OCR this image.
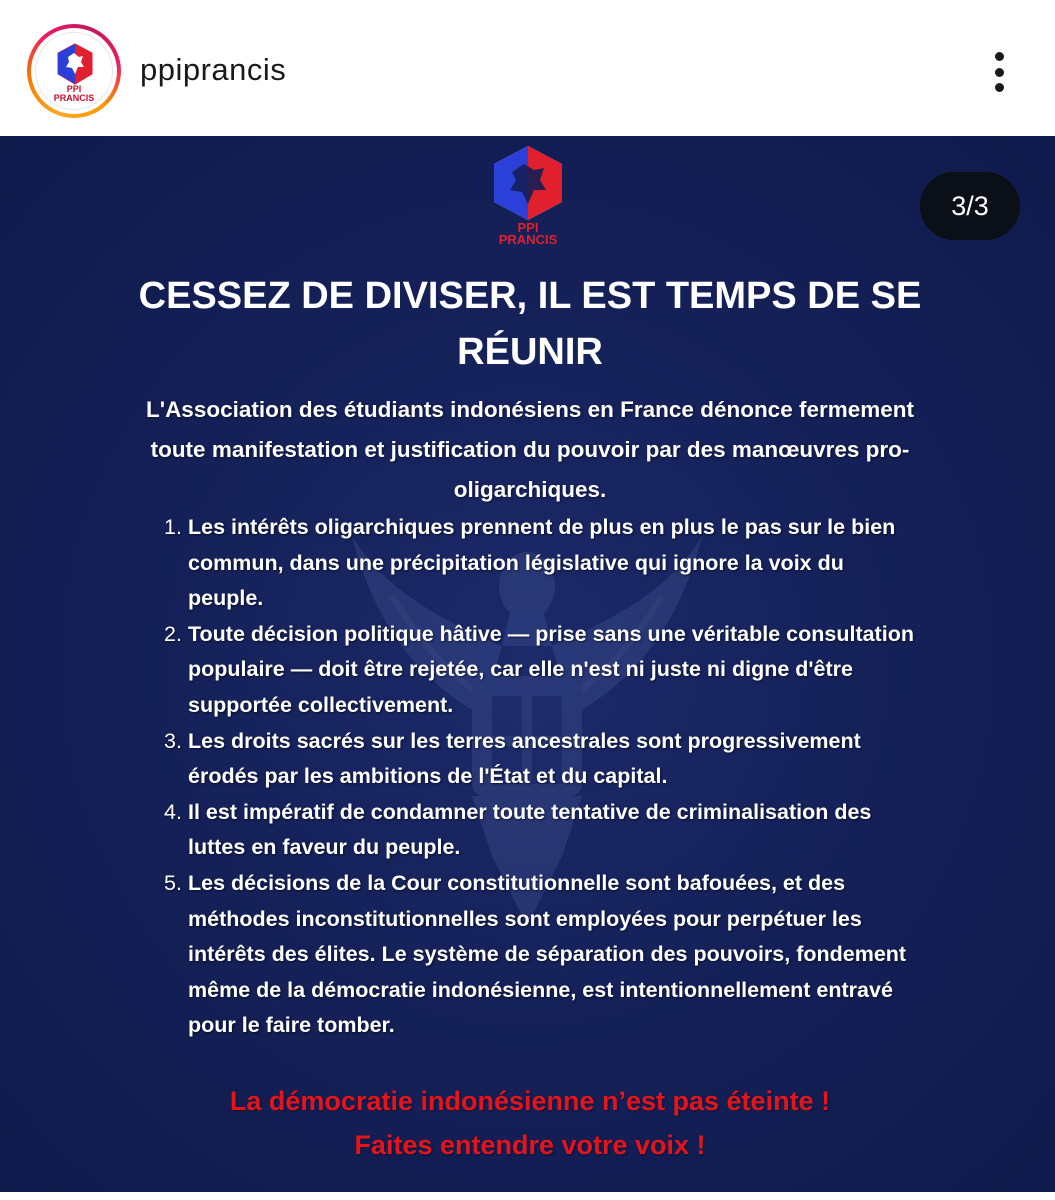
PPI
PRANCIS
ppiprancis
PPI
PRANCIS
3/3
CESSEZ DE DIVISER, IL EST TEMPS DE SE RÉUNIR
L'Association des étudiants indonésiens en France dénonce fermement toute manifestation et justification du pouvoir par des manœuvres pro-oligarchiques.
1. Les intérêts oligarchiques prennent de plus en plus le pas sur le bien commun, dans une précipitation législative qui ignore la voix du peuple.
2. Toute décision politique hâtive — prise sans une véritable consultation populaire — doit être rejetée, car elle n'est ni juste ni digne d'être supportée collectivement.
3. Les droits sacrés sur les terres ancestrales sont progressivement érodés par les ambitions de l'État et du capital.
4. Il est impératif de condamner toute tentative de criminalisation des luttes en faveur du peuple.
5. Les décisions de la Cour constitutionnelle sont bafouées, et des méthodes inconstitutionnelles sont employées pour perpétuer les intérêts des élites. Le système de séparation des pouvoirs, fondement même de la démocratie indonésienne, est intentionnellement entravé pour le faire tomber.
La démocratie indonésienne n’est pas éteinte !
Faites entendre votre voix !
